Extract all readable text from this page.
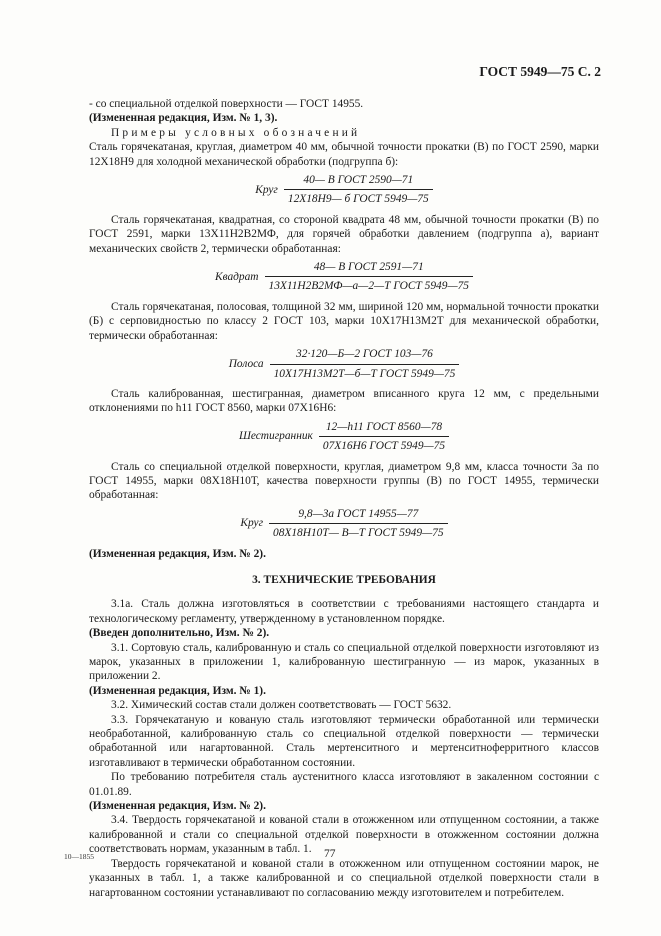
ГОСТ 5949—75 С. 2

- со специальной отделкой поверхности — ГОСТ 14955.

(Измененная редакция, Изм. № 1, 3).

Примеры условных обозначений

Сталь горячекатаная, круглая, диаметром 40 мм, обычной точности прокатки (В) по ГОСТ 2590, марки 12Х18Н9 для холодной механической обработки (подгруппа б):

Круг $\frac{\text{40— В ГОСТ 2590—71}}{\text{12Х18Н9— б ГОСТ 5949—75}}$

Сталь горячекатаная, квадратная, со стороной квадрата 48 мм, обычной точности прокатки (В) по ГОСТ 2591, марки 13Х11Н2В2МФ, для горячей обработки давлением (подгруппа а), вариант механических свойств 2, термически обработанная:

Квадрат $\frac{\text{48— В ГОСТ 2591—71}}{\text{13Х11Н2В2МФ—а—2—Т ГОСТ 5949—75}}$

Сталь горячекатаная, полосовая, толщиной 32 мм, шириной 120 мм, нормальной точности прокатки (Б) с серповидностью по классу 2 ГОСТ 103, марки 10Х17Н13М2Т для механической обработки, термически обработанная:

Полоса $\frac{\text{32·120—Б—2 ГОСТ 103—76}}{\text{10Х17Н13М2Т—б—Т ГОСТ 5949—75}}$

Сталь калиброванная, шестигранная, диаметром вписанного круга 12 мм, с предельными отклонениями по h11 ГОСТ 8560, марки 07Х16Н6:

Шестигранник $\frac{\text{12—h11 ГОСТ 8560—78}}{\text{07Х16Н6 ГОСТ 5949—75}}$

Сталь со специальной отделкой поверхности, круглая, диаметром 9,8 мм, класса точности 3а по ГОСТ 14955, марки 08Х18Н10Т, качества поверхности группы (В) по ГОСТ 14955, термически обработанная:

Круг $\frac{\text{9,8—3а ГОСТ 14955—77}}{\text{08Х18Н10Т— В—Т ГОСТ 5949—75}}$

(Измененная редакция, Изм. № 2).

3. ТЕХНИЧЕСКИЕ ТРЕБОВАНИЯ

3.1а. Сталь должна изготовляться в соответствии с требованиями настоящего стандарта и технологическому регламенту, утвержденному в установленном порядке.

(Введен дополнительно, Изм. № 2).

3.1. Сортовую сталь, калиброванную и сталь со специальной отделкой поверхности изготовляют из марок, указанных в приложении 1, калиброванную шестигранную — из марок, указанных в приложении 2.

(Измененная редакция, Изм. № 1).

3.2. Химический состав стали должен соответствовать — ГОСТ 5632.

3.3. Горячекатаную и кованую сталь изготовляют термически обработанной или термически необработанной, калиброванную сталь со специальной отделкой поверхности — термически обработанной или нагартованной. Сталь мертенситного и мертенситноферритного классов изготавливают в термически обработанном состоянии.

По требованию потребителя сталь аустенитного класса изготовляют в закаленном состоянии с 01.01.89.

(Измененная редакция, Изм. № 2).

3.4. Твердость горячекатаной и кованой стали в отожженном или отпущенном состоянии, а также калиброванной и стали со специальной отделкой поверхности в отожженном состоянии должна соответствовать нормам, указанным в табл. 1.

Твердость горячекатаной и кованой стали в отожженном или отпущенном состоянии марок, не указанных в табл. 1, а также калиброванной и со специальной отделкой поверхности стали в нагартованном состоянии устанавливают по согласованию между изготовителем и потребителем.

10—1855	77
